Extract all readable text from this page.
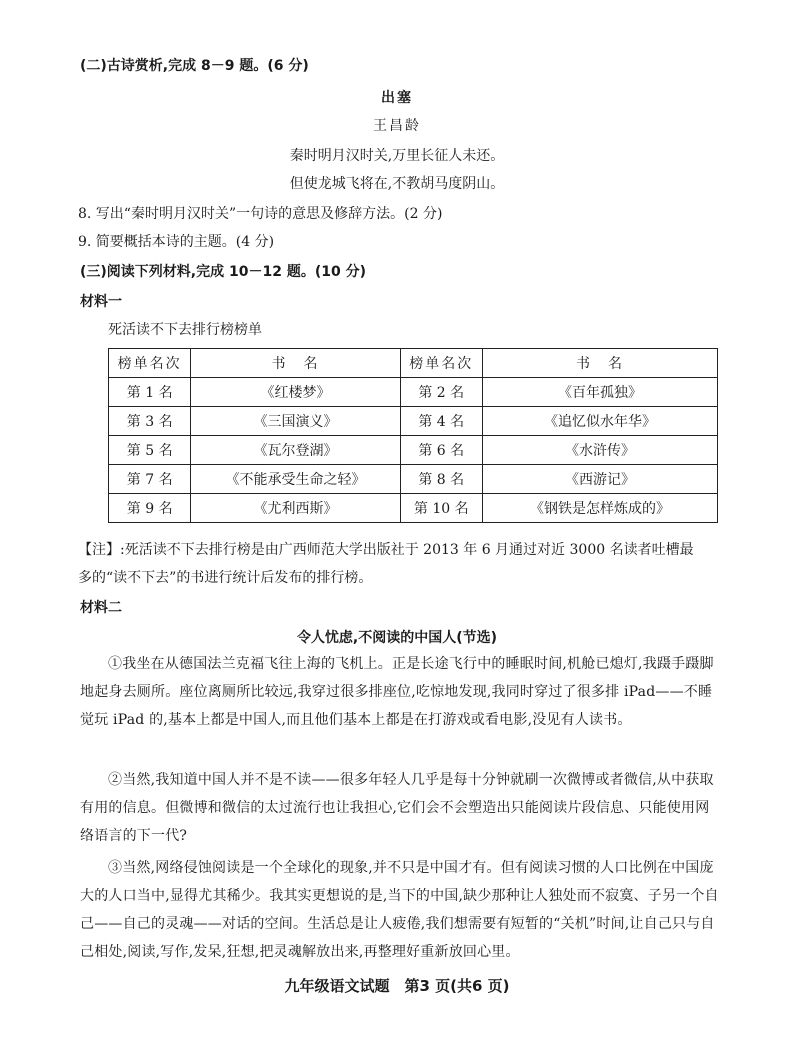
(二)古诗赏析,完成 8－9 题。(6 分)
出塞
王昌龄
秦时明月汉时关,万里长征人未还。
但使龙城飞将在,不教胡马度阴山。
8. 写出“秦时明月汉时关”一句诗的意思及修辞方法。(2 分)
9. 简要概括本诗的主题。(4 分)
(三)阅读下列材料,完成 10－12 题。(10 分)
材料一
死活读不下去排行榜榜单
榜单名次	书　名	榜单名次	书　名
第 1 名	《红楼梦》	第 2 名	《百年孤独》
第 3 名	《三国演义》	第 4 名	《追忆似水年华》
第 5 名	《瓦尔登湖》	第 6 名	《水浒传》
第 7 名	《不能承受生命之轻》	第 8 名	《西游记》
第 9 名	《尤利西斯》	第 10 名	《钢铁是怎样炼成的》
【注】:死活读不下去排行榜是由广西师范大学出版社于 2013 年 6 月通过对近 3000 名读者吐槽最
多的“读不下去”的书进行统计后发布的排行榜。
材料二
令人忧虑,不阅读的中国人(节选)
①我坐在从德国法兰克福飞往上海的飞机上。正是长途飞行中的睡眠时间,机舱已熄灯,我蹑手蹑脚地起身去厕所。座位离厕所比较远,我穿过很多排座位,吃惊地发现,我同时穿过了很多排 iPad——不睡觉玩 iPad 的,基本上都是中国人,而且他们基本上都是在打游戏或看电影,没见有人读书。
②当然,我知道中国人并不是不读——很多年轻人几乎是每十分钟就刷一次微博或者微信,从中获取有用的信息。但微博和微信的太过流行也让我担心,它们会不会塑造出只能阅读片段信息、只能使用网络语言的下一代?
③当然,网络侵蚀阅读是一个全球化的现象,并不只是中国才有。但有阅读习惯的人口比例在中国庞大的人口当中,显得尤其稀少。我其实更想说的是,当下的中国,缺少那种让人独处而不寂寞、子另一个自己——自己的灵魂——对话的空间。生活总是让人疲倦,我们想需要有短暂的“关机”时间,让自己只与自己相处,阅读,写作,发呆,狂想,把灵魂解放出来,再整理好重新放回心里。
九年级语文试题　第3 页(共6 页)
